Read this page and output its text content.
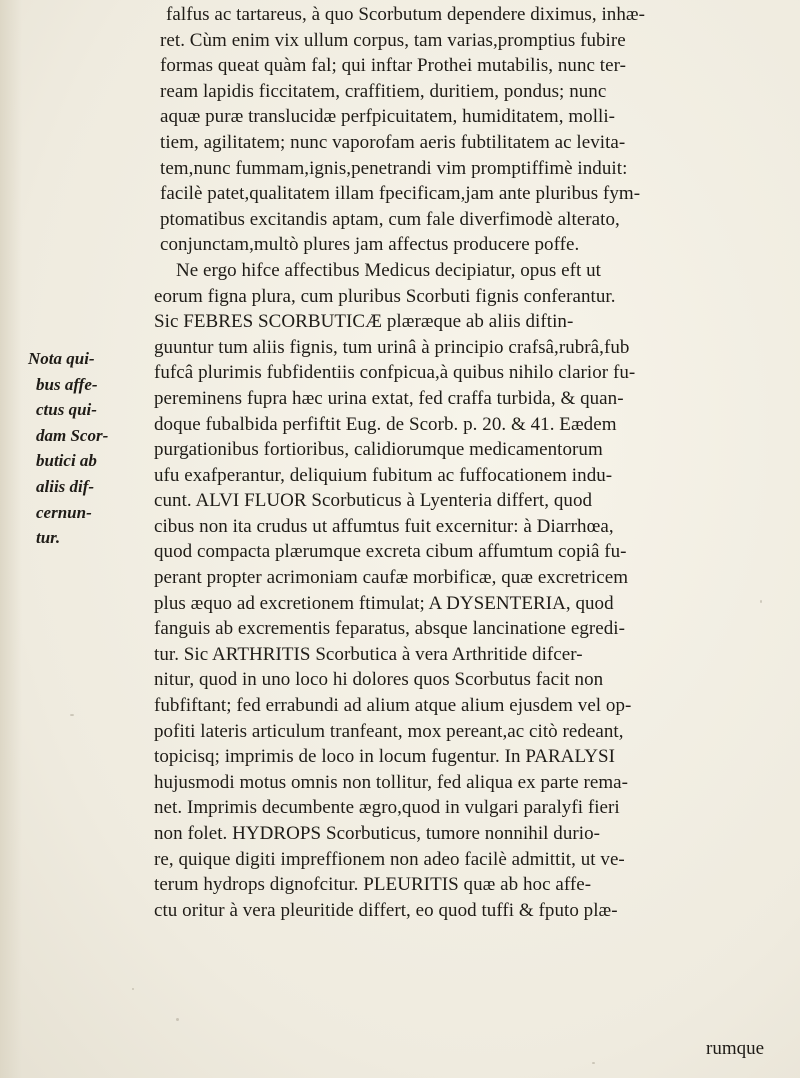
falfus ac tartareus, à quo Scorbutum dependere diximus, inhæ-
ret. Cùm enim vix ullum corpus, tam varias,promptius fubire
formas queat quàm fal; qui inftar Prothei mutabilis, nunc ter-
ream lapidis ficcitatem, craffitiem, duritiem, pondus; nunc
aquæ puræ translucidæ perfpicuitatem, humiditatem, molli-
tiem, agilitatem; nunc vaporofam aeris fubtilitatem ac levita-
tem,nunc fummam,ignis,penetrandi vim promptiffimè induit:
facilè patet,qualitatem illam fpecificam,jam ante pluribus fym-
ptomatibus excitandis aptam, cum fale diverfimodè alterato,
conjunctam,multò plures jam affectus producere poffe.
Ne ergo hifce affectibus Medicus decipiatur, opus eft ut
eorum figna plura, cum pluribus Scorbuti fignis conferantur.
Sic FEBRES SCORBUTICÆ plæræque ab aliis diftin-
guuntur tum aliis fignis, tum urinâ à principio crafsâ,rubrâ,fub
fufcâ plurimis fubfidentiis confpicua,à quibus nihilo clarior fu-
pereminens fupra hæc urina extat, fed craffa turbida, & quan-
doque fubalbida perfiftit Eug. de Scorb. p. 20. & 41. Eædem
purgationibus fortioribus, calidiorumque medicamentorum
ufu exafperantur, deliquium fubitum ac fuffocationem indu-
cunt. ALVI FLUOR Scorbuticus à Lyenteria differt, quod
cibus non ita crudus ut affumtus fuit excernitur: à Diarrhœa,
quod compacta plærumque excreta cibum affumtum copiâ fu-
perant propter acrimoniam caufæ morbificæ, quæ excretricem
plus æquo ad excretionem ftimulat; A DYSENTERIA, quod
fanguis ab excrementis feparatus, absque lancinatione egredi-
tur. Sic ARTHRITIS Scorbutica à vera Arthritide difcer-
nitur, quod in uno loco hi dolores quos Scorbutus facit non
fubfiftant; fed errabundi ad alium atque alium ejusdem vel op-
pofiti lateris articulum tranfeant, mox pereant,ac citò redeant,
topicisq; imprimis de loco in locum fugentur. In PARALYSI
hujusmodi motus omnis non tollitur, fed aliqua ex parte rema-
net. Imprimis decumbente ægro,quod in vulgari paralyfi fieri
non folet. HYDROPS Scorbuticus, tumore nonnihil durio-
re, quique digiti impreffionem non adeo facilè admittit, ut ve-
terum hydrops dignofcitur. PLEURITIS quæ ab hoc affe-
ctu oritur à vera pleuritide differt, eo quod tuffi & fputo plæ-
Nota qui-
bus affe-
ctus qui-
dam Scor-
butici ab
aliis dif-
cernun-
tur.
rumque
